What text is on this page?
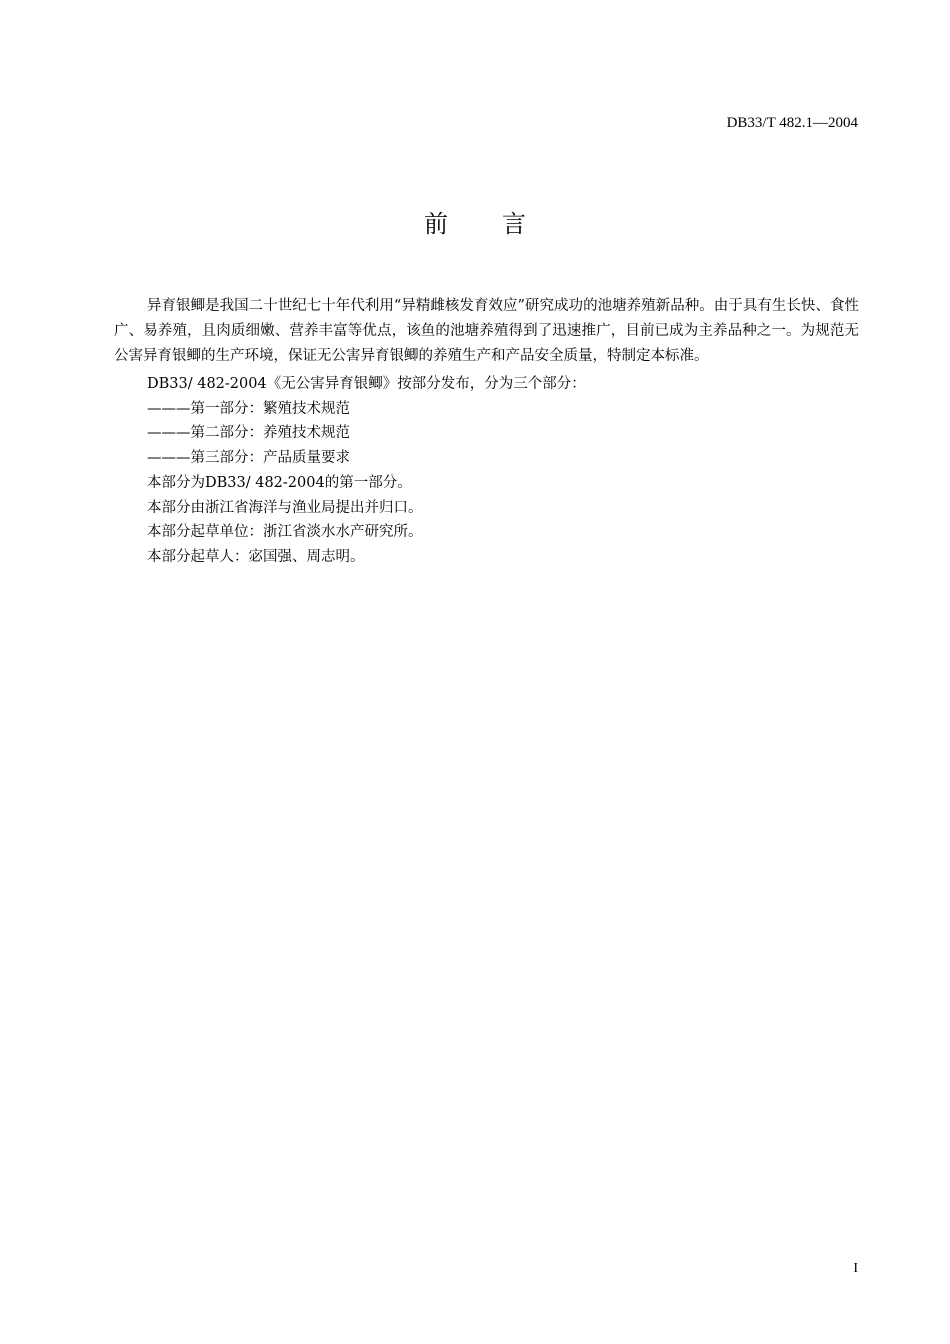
DB33/T 482.1—2004
前言

异育银鲫是我国二十世纪七十年代利用“异精雌核发育效应”研究成功的池塘养殖新品种。由于具有生长快、食性广、易养殖，且肉质细嫩、营养丰富等优点，该鱼的池塘养殖得到了迅速推广，目前已成为主养品种之一。为规范无公害异育银鲫的生产环境，保证无公害异育银鲫的养殖生产和产品安全质量，特制定本标准。

DB33/ 482-2004《无公害异育银鲫》按部分发布，分为三个部分：

———第一部分：繁殖技术规范

———第二部分：养殖技术规范

———第三部分：产品质量要求

本部分为DB33/ 482-2004的第一部分。

本部分由浙江省海洋与渔业局提出并归口。

本部分起草单位：浙江省淡水水产研究所。

本部分起草人：宓国强、周志明。

I
